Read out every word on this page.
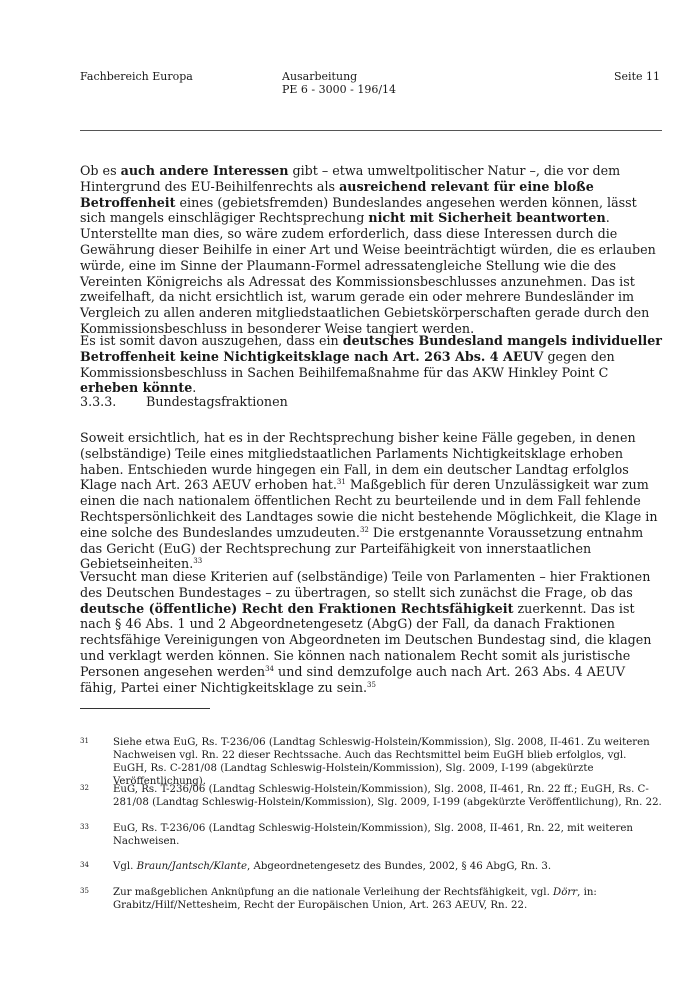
Fachbereich Europa	Ausarbeitung
PE 6 - 3000 - 196/14
Seite 11

Ob es auch andere Interessen gibt – etwa umweltpolitischer Natur –, die vor dem Hintergrund des EU-Beihilfenrechts als ausreichend relevant für eine bloße Betroffenheit eines (gebietsfremden) Bundeslandes angesehen werden können, lässt sich mangels einschlägiger Rechtsprechung nicht mit Sicherheit beantworten. Unterstellte man dies, so wäre zudem erforderlich, dass diese Interessen durch die Gewährung dieser Beihilfe in einer Art und Weise beeinträchtigt würden, die es erlauben würde, eine im Sinne der Plaumann-Formel adressatengleiche Stellung wie die des Vereinten Königreichs als Adressat des Kommissionsbeschlusses anzunehmen. Das ist zweifelhaft, da nicht ersichtlich ist, warum gerade ein oder mehrere Bundesländer im Vergleich zu allen anderen mitgliedstaatlichen Gebietskörperschaften gerade durch den Kommissionsbeschluss in besonderer Weise tangiert werden.

Es ist somit davon auszugehen, dass ein deutsches Bundesland mangels individueller Betroffenheit keine Nichtigkeitsklage nach Art. 263 Abs. 4 AEUV gegen den Kommissionsbeschluss in Sachen Beihilfemaßnahme für das AKW Hinkley Point C erheben könnte.

3.3.3. Bundestagsfraktionen

Soweit ersichtlich, hat es in der Rechtsprechung bisher keine Fälle gegeben, in denen (selbständige) Teile eines mitgliedstaatlichen Parlaments Nichtigkeitsklage erhoben haben. Entschieden wurde hingegen ein Fall, in dem ein deutscher Landtag erfolglos Klage nach Art. 263 AEUV erhoben hat.$^{31}$ Maßgeblich für deren Unzulässigkeit war zum einen die nach nationalem öffentlichen Recht zu beurteilende und in dem Fall fehlende Rechtspersönlichkeit des Landtages sowie die nicht bestehende Möglichkeit, die Klage in eine solche des Bundeslandes umzudeuten.$^{32}$ Die erstgenannte Voraussetzung entnahm das Gericht (EuG) der Rechtsprechung zur Parteifähigkeit von innerstaatlichen Gebietseinheiten.$^{33}$

Versucht man diese Kriterien auf (selbständige) Teile von Parlamenten – hier Fraktionen des Deutschen Bundestages – zu übertragen, so stellt sich zunächst die Frage, ob das deutsche (öffentliche) Recht den Fraktionen Rechtsfähigkeit zuerkennt. Das ist nach § 46 Abs. 1 und 2 Abgeordnetengesetz (AbgG) der Fall, da danach Fraktionen rechtsfähige Vereinigungen von Abgeordneten im Deutschen Bundestag sind, die klagen und verklagt werden können. Sie können nach nationalem Recht somit als juristische Personen angesehen werden$^{34}$ und sind demzufolge auch nach Art. 263 Abs. 4 AEUV fähig, Partei einer Nichtigkeitsklage zu sein.$^{35}$

31 Siehe etwa EuG, Rs. T-236/06 (Landtag Schleswig-Holstein/Kommission), Slg. 2008, II-461. Zu weiteren Nachweisen vgl. Rn. 22 dieser Rechtssache. Auch das Rechtsmittel beim EuGH blieb erfolglos, vgl. EuGH, Rs. C-281/08 (Landtag Schleswig-Holstein/Kommission), Slg. 2009, I-199 (abgekürzte Veröffentlichung).
32 EuG, Rs. T-236/06 (Landtag Schleswig-Holstein/Kommission), Slg. 2008, II-461, Rn. 22 ff.; EuGH, Rs. C-281/08 (Landtag Schleswig-Holstein/Kommission), Slg. 2009, I-199 (abgekürzte Veröffentlichung), Rn. 22.
33 EuG, Rs. T-236/06 (Landtag Schleswig-Holstein/Kommission), Slg. 2008, II-461, Rn. 22, mit weiteren Nachweisen.
34 Vgl. Braun/Jantsch/Klante, Abgeordnetengesetz des Bundes, 2002, § 46 AbgG, Rn. 3.
35 Zur maßgeblichen Anknüpfung an die nationale Verleihung der Rechtsfähigkeit, vgl. Dörr, in: Grabitz/Hilf/Nettesheim, Recht der Europäischen Union, Art. 263 AEUV, Rn. 22.
